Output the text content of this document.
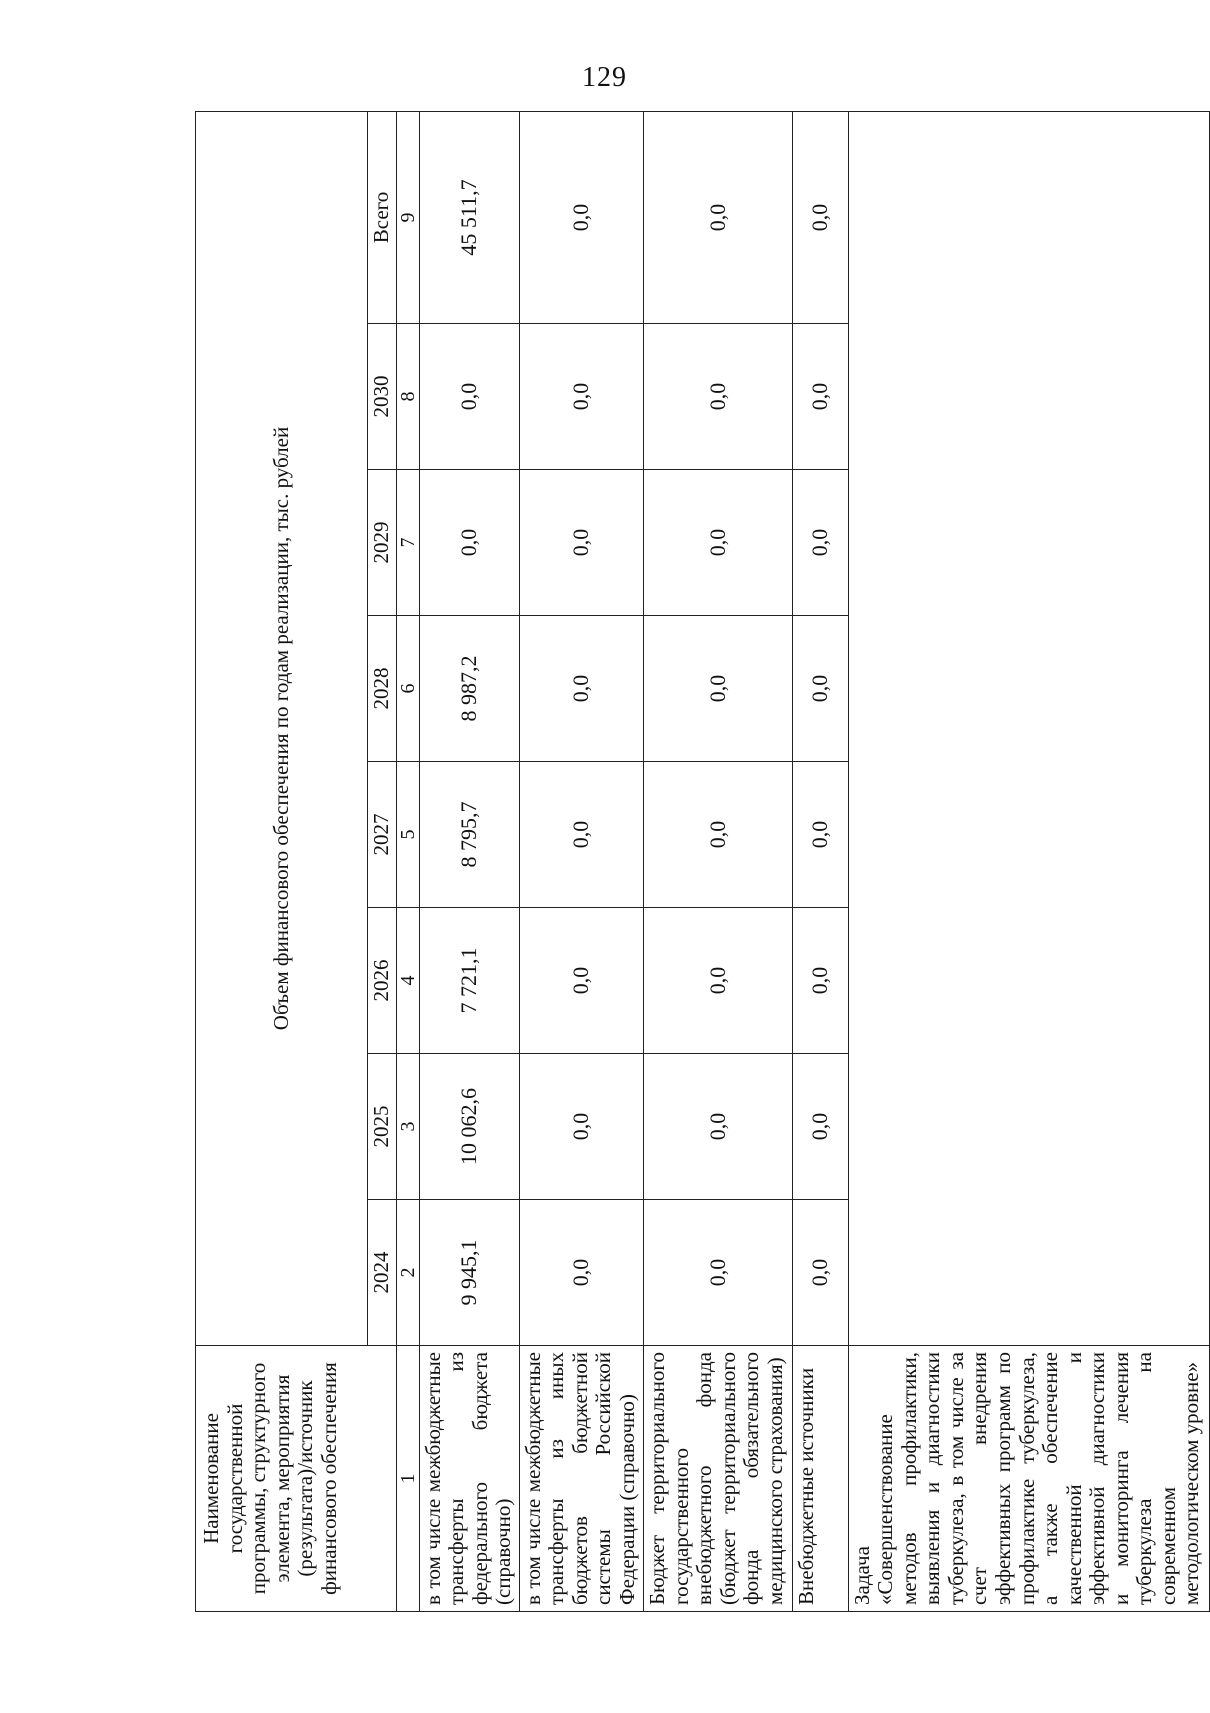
129
Наименование государственной программы, структурного элемента, мероприятия (результата)/источник финансового обеспечения	Объем финансового обеспечения по годам реализации, тыс. рублей							
	2024	2025	2026	2027	2028	2029	2030	Всего
1	2	3	4	5	6	7	8	9
в том числе межбюджетные трансферты из федерального бюджета (справочно)	9 945,1	10 062,6	7 721,1	8 795,7	8 987,2	0,0	0,0	45 511,7
в том числе межбюджетные трансферты из иных бюджетов бюджетной системы Российской Федерации (справочно)	0,0	0,0	0,0	0,0	0,0	0,0	0,0	0,0
Бюджет территориального государственного внебюджетного фонда (бюджет территориального фонда обязательного медицинского страхования)	0,0	0,0	0,0	0,0	0,0	0,0	0,0	0,0
Внебюджетные источники	0,0	0,0	0,0	0,0	0,0	0,0	0,0	0,0
Задача «Совершенствование методов профилактики, выявления и диагностики туберкулеза, в том числе за счет внедрения эффективных программ по профилактике туберкулеза, а также обеспечение качественной и эффективной диагностики и мониторинга лечения туберкулеза на современном методологическом уровне»								
